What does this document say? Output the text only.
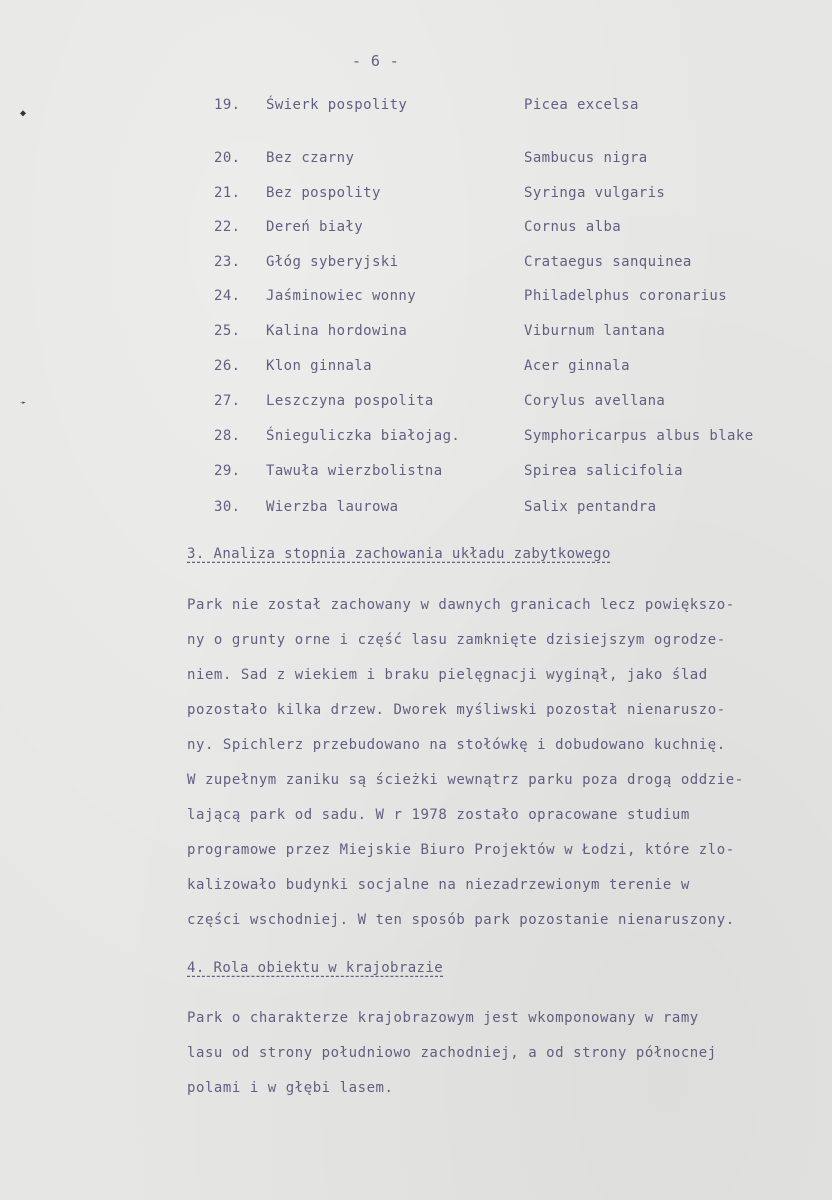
◆
➛
- 6 -
19. Świerk pospolity	Picea excelsa
20. Bez czarny	Sambucus nigra
21. Bez pospolity	Syringa vulgaris
22. Dereń biały	Cornus alba
23. Głóg syberyjski	Crataegus sanquinea
24. Jaśminowiec wonny	Philadelphus coronarius
25. Kalina hordowina	Viburnum lantana
26. Klon ginnala	Acer ginnala
27. Leszczyna pospolita	Corylus avellana
28. Śnieguliczka białojag.	Symphoricarpus albus blake
29. Tawuła wierzbolistna	Spirea salicifolia
30. Wierzba laurowa	Salix pentandra
3. Analiza stopnia zachowania układu zabytkowego
Park nie został zachowany w dawnych granicach lecz powiększo-
ny o grunty orne i część lasu zamknięte dzisiejszym ogrodze-
niem. Sad z wiekiem i braku pielęgnacji wyginął, jako ślad
pozostało kilka drzew. Dworek myśliwski pozostał nienaruszo-
ny. Spichlerz przebudowano na stołówkę i dobudowano kuchnię.
W zupełnym zaniku są ścieżki wewnątrz parku poza drogą oddzie-
lającą park od sadu. W r 1978 zostało opracowane studium
programowe przez Miejskie Biuro Projektów w Łodzi, które zlo-
kalizowało budynki socjalne na niezadrzewionym terenie w
części wschodniej. W ten sposób park pozostanie nienaruszony.
4. Rola obiektu w krajobrazie
Park o charakterze krajobrazowym jest wkomponowany w ramy
lasu od strony południowo zachodniej, a od strony północnej
polami i w głębi lasem.
